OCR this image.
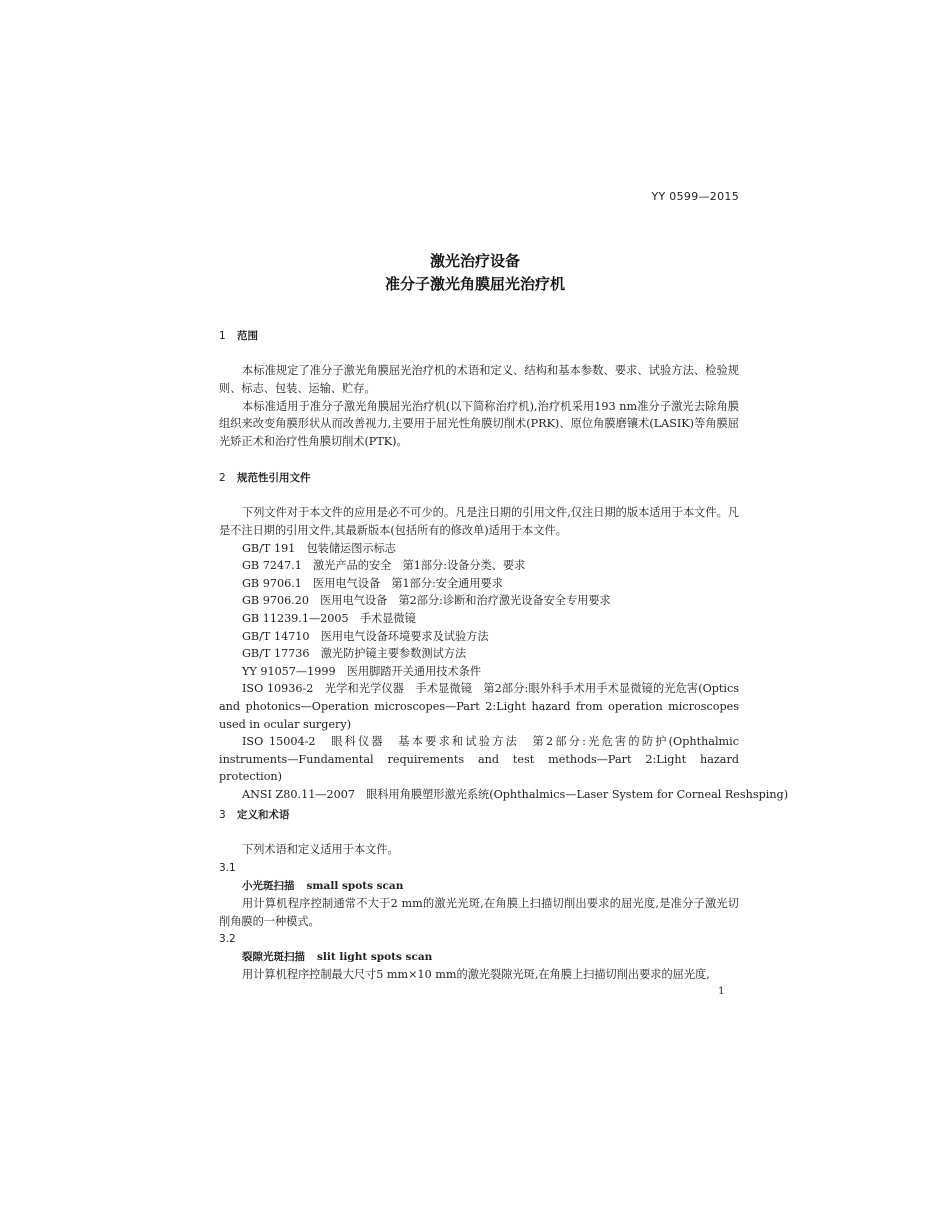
YY 0599—2015
激光治疗设备
准分子激光角膜屈光治疗机
1 范围

本标准规定了准分子激光角膜屈光治疗机的术语和定义、结构和基本参数、要求、试验方法、检验规则、标志、包装、运输、贮存。

本标准适用于准分子激光角膜屈光治疗机(以下简称治疗机),治疗机采用193 nm准分子激光去除角膜组织来改变角膜形状从而改善视力,主要用于屈光性角膜切削术(PRK)、原位角膜磨镶术(LASIK)等角膜屈光矫正术和治疗性角膜切削术(PTK)。

2 规范性引用文件

下列文件对于本文件的应用是必不可少的。凡是注日期的引用文件,仅注日期的版本适用于本文件。凡是不注日期的引用文件,其最新版本(包括所有的修改单)适用于本文件。

GB/T 191　包装储运图示标志
GB 7247.1　激光产品的安全　第1部分:设备分类、要求
GB 9706.1　医用电气设备　第1部分:安全通用要求
GB 9706.20　医用电气设备　第2部分:诊断和治疗激光设备安全专用要求
GB 11239.1—2005　手术显微镜
GB/T 14710　医用电气设备环境要求及试验方法
GB/T 17736　激光防护镜主要参数测试方法
YY 91057—1999　医用脚踏开关通用技术条件
ISO 10936-2　光学和光学仪器　手术显微镜　第2部分:眼外科手术用手术显微镜的光危害(Optics and photonics—Operation microscopes—Part 2:Light hazard from operation microscopes used in ocular surgery)
ISO 15004-2　眼科仪器　基本要求和试验方法　第2部分:光危害的防护(Ophthalmic instruments—Fundamental requirements and test methods—Part 2:Light hazard protection)
ANSI Z80.11—2007　眼科用角膜塑形激光系统(Ophthalmics—Laser System for Corneal Reshsping)
3 定义和术语

下列术语和定义适用于本文件。

3.1
小光斑扫描 small spots scan

用计算机程序控制通常不大于2 mm的激光光斑,在角膜上扫描切削出要求的屈光度,是准分子激光切削角膜的一种模式。

3.2
裂隙光斑扫描 slit light spots scan

用计算机程序控制最大尺寸5 mm×10 mm的激光裂隙光斑,在角膜上扫描切削出要求的屈光度,

1
